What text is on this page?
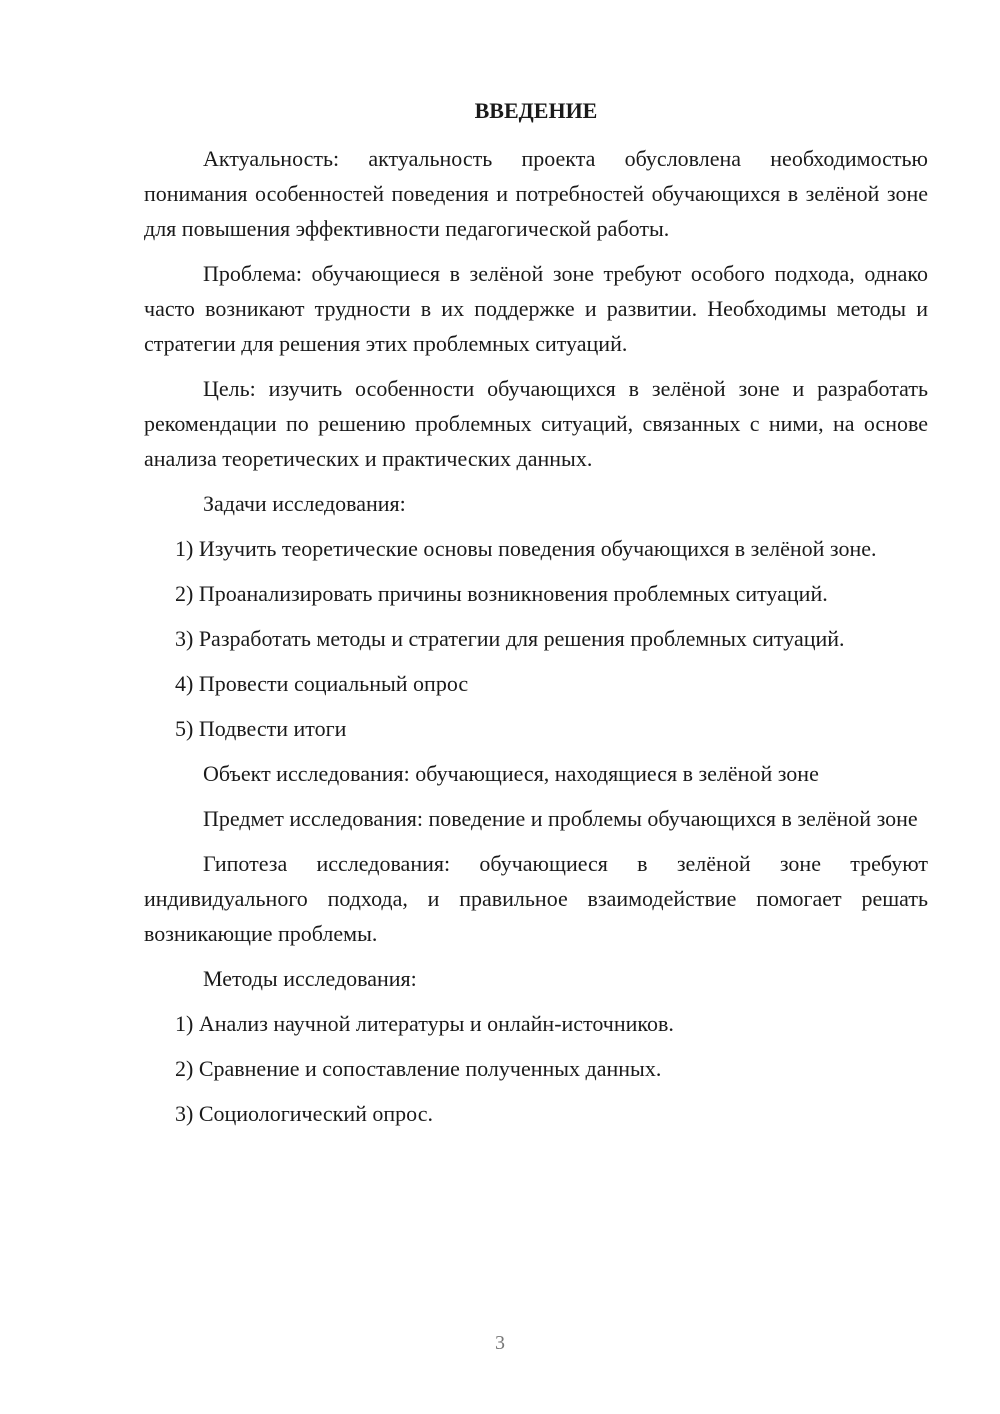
ВВЕДЕНИЕ

Актуальность: актуальность проекта обусловлена необходимостью понимания особенностей поведения и потребностей обучающихся в зелёной зоне для повышения эффективности педагогической работы.

Проблема: обучающиеся в зелёной зоне требуют особого подхода, однако часто возникают трудности в их поддержке и развитии. Необходимы методы и стратегии для решения этих проблемных ситуаций.

Цель: изучить особенности обучающихся в зелёной зоне и разработать рекомендации по решению проблемных ситуаций, связанных с ними, на основе анализа теоретических и практических данных.

Задачи исследования:

1) Изучить теоретические основы поведения обучающихся в зелёной зоне.

2) Проанализировать причины возникновения проблемных ситуаций.

3) Разработать методы и стратегии для решения проблемных ситуаций.

4) Провести социальный опрос

5) Подвести итоги

Объект исследования: обучающиеся, находящиеся в зелёной зоне

Предмет исследования: поведение и проблемы обучающихся в зелёной зоне

Гипотеза исследования: обучающиеся в зелёной зоне требуют индивидуального подхода, и правильное взаимодействие помогает решать возникающие проблемы.

Методы исследования:

1) Анализ научной литературы и онлайн-источников.

2) Сравнение и сопоставление полученных данных.

3) Социологический опрос.

3
